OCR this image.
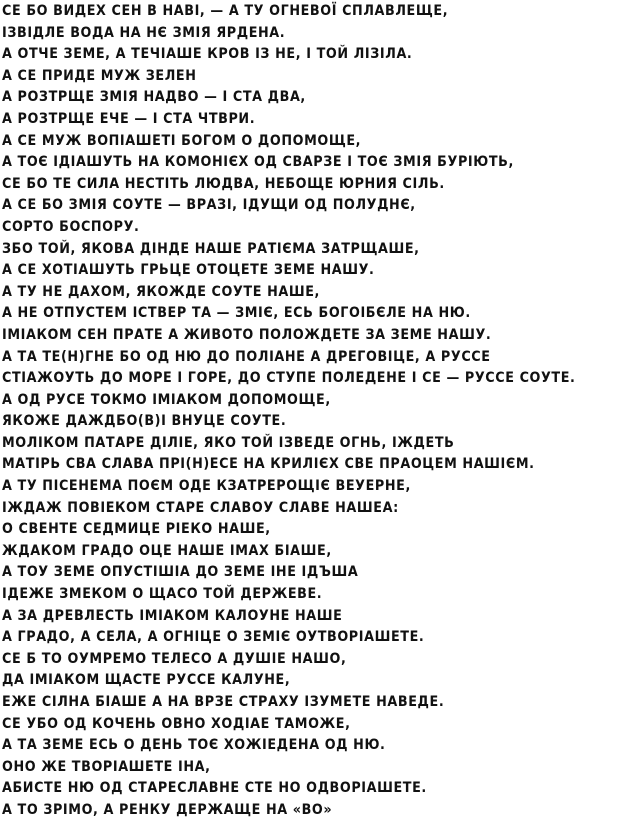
СЕ БО ВИДЕХ СЕН В НАВІ, — А ТУ ОГНЕВОЇ СПЛАВЛЕЩЕ,
ІЗВІДЛЕ ВОДА НА НЄ ЗМІЯ ЯРДЕНА.
А ОТЧЕ ЗЕМЕ, А ТЕЧІАШЕ КРОВ ІЗ НЕ, І ТОЙ ЛІЗІЛА.
А СЕ ПРИДЕ МУЖ ЗЕЛЕН
А РОЗТРЩЕ ЗМІЯ НАДВО — І СТА ДВА,
А РОЗТРЩЕ ЕЧЕ — І СТА ЧТВРИ.
А СЕ МУЖ ВОПІАШЕТІ БОГОМ О ДОПОМОЩЕ,
А ТОЄ ІДІАШУТЬ НА КОМОНІЄХ ОД СВАРЗЕ І ТОЄ ЗМІЯ БУРІЮТЬ,
СЕ БО ТЕ СИЛА НЕСТІТЬ ЛЮДВА, НЕБОЩЕ ЮРНИЯ СІЛЬ.
А СЕ БО ЗМІЯ СОУТЕ — ВРАЗІ, ІДУЩИ ОД ПОЛУДНЄ,
СОРТО БОСПОРУ.
ЗБО ТОЙ, ЯКОВА ДІНДЕ НАШЕ РАТІЄМА ЗАТРЩАШЕ,
А СЕ ХОТІАШУТЬ ГРЬЦЕ ОТОЦЕТЕ ЗЕМЕ НАШУ.
А ТУ НЕ ДАХОМ, ЯКОЖДЕ СОУТЕ НАШЕ,
А НЕ ОТПУСТЕМ ІСТВЕР ТА — ЗМІЄ, ЕСЬ БОГОІБЄЛЕ НА НЮ.
ІМІАКОМ СЕН ПРАТЕ А ЖИВОТО ПОЛОЖДЕТЕ ЗА ЗЕМЕ НАШУ.
А ТА ТЕ(Н)ГНЕ БО ОД НЮ ДО ПОЛІАНЕ А ДРЕГОВІЦЕ, А РУССЕ
СТІАЖОУТЬ ДО МОРЕ І ГОРЕ, ДО СТУПЕ ПОЛЕДЕНЕ І СЕ — РУССЕ СОУТЕ.
А ОД РУСЕ ТОКМО ІМІАКОМ ДОПОМОЩЕ,
ЯКОЖЕ ДАЖДБО(В)І ВНУЦЕ СОУТЕ.
МОЛІКОМ ПАТАРЕ ДІЛІЕ, ЯКО ТОЙ ІЗВЕДЕ ОГНЬ, ІЖДЕТЬ
МАТІРЬ СВА СЛАВА ПРІ(Н)ЕСЕ НА КРИЛІЄХ СВЕ ПРАОЦЕМ НАШІЄМ.
А ТУ ПІСЕНЕМА ПОЄМ ОДЕ КЗАТРЕРОЩІЄ ВЕУЕРНЕ,
ІЖДАЖ ПОВІЕКОМ СТАРЕ СЛАВОУ СЛАВЕ НАШЕА:
О СВЕНТЕ СЕДМИЦЕ РІЕКО НАШЕ,
ЖДАКОМ ГРАДО ОЦЕ НАШЕ ІМАХ БІАШЕ,
А ТОУ ЗЕМЕ ОПУСТІШІА ДО ЗЕМЕ ІНЕ ІДЪША
ІДЕЖЕ ЗМЕКОМ О ЩАСО ТОЙ ДЕРЖЕВЕ.
А ЗА ДРЕВЛЕСТЬ ІМІАКОМ КАЛОУНЕ НАШЕ
А ГРАДО, А СЕЛА, А ОГНІЦЕ О ЗЕМІЄ ОУТВОРІАШЕТЕ.
СЕ Б ТО ОУМРЕМО ТЕЛЕСО А ДУШІЕ НАШО,
ДА ІМІАКОМ ЩАСТЕ РУССЕ КАЛУНЕ,
ЕЖЕ СІЛНА БІАШЕ А НА ВРЗЕ СТРАХУ ІЗУМЕТЕ НАВЕДЕ.
СЕ УБО ОД КОЧЕНЬ ОВНО ХОДІАЕ ТАМОЖЕ,
А ТА ЗЕМЕ ЕСЬ О ДЕНЬ ТОЄ ХОЖІЕДЕНА ОД НЮ.
ОНО ЖЕ ТВОРІАШЕТЕ ІНА,
АБИСТЕ НЮ ОД СТАРЕСЛАВНЕ СТЕ НО ОДВОРІАШЕТЕ.
А ТО ЗРІМО, А РЕНКУ ДЕРЖАЩЕ НА «ВО»
